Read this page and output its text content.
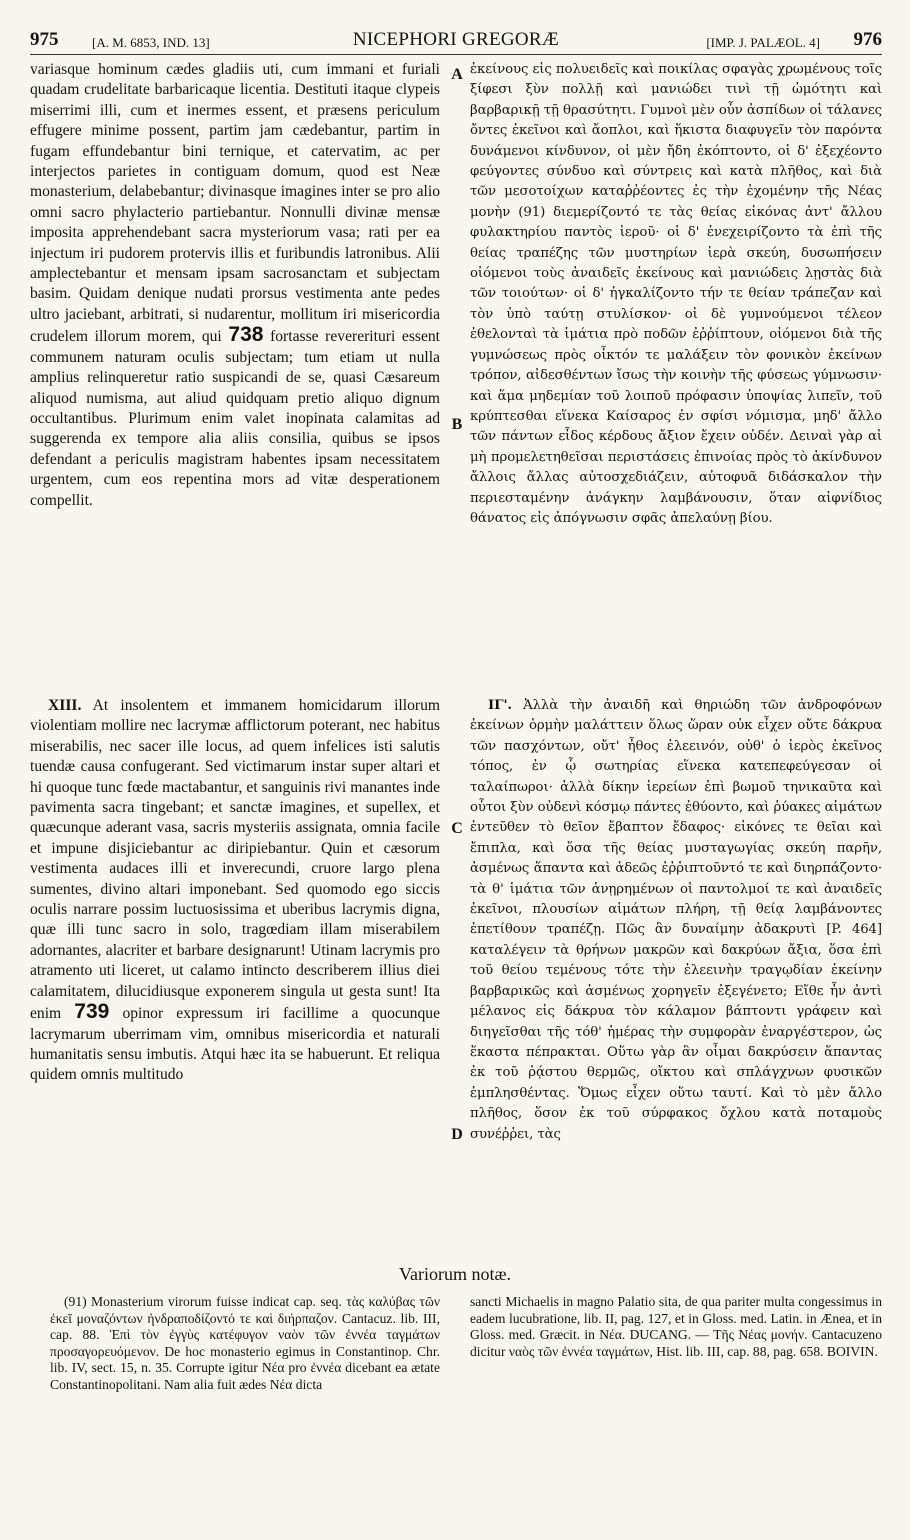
975	[A. M. 6853, IND. 13]	NICEPHORI GREGORÆ	[IMP. J. PALÆOL. 4] 976
A
B
C
D

variasque hominum cædes gladiis uti, cum immani et furiali quadam crudelitate barbaricaque licentia. Destituti itaque clypeis miserrimi illi, cum et inermes essent, et præsens periculum effugere minime possent, partim jam cædebantur, partim in fugam effundebantur bini ternique, et catervatim, ac per interjectos parietes in contiguam domum, quod est Neæ monasterium, delabebantur; divinasque imagines inter se pro alio omni sacro phylacterio partiebantur. Nonnulli divinæ mensæ imposita apprehendebant sacra mysteriorum vasa; rati per ea injectum iri pudorem protervis illis et furibundis latronibus. Alii amplectebantur et mensam ipsam sacrosanctam et subjectam basim. Quidam denique nudati prorsus vestimenta ante pedes ultro jaciebant, arbitrati, si nudarentur, mollitum iri misericordia crudelem illorum morem, qui 738 fortasse revererituri essent communem naturam oculis subjectam; tum etiam ut nulla amplius relinqueretur ratio suspicandi de se, quasi Cæsareum aliquod numisma, aut aliud quidquam pretio aliquo dignum occultantibus. Plurimum enim valet inopinata calamitas ad suggerenda ex tempore alia aliis consilia, quibus se ipsos defendant a periculis magistram habentes ipsam necessitatem urgentem, cum eos repentina mors ad vitæ desperationem compellit.

ἐκείνους εἰς πολυειδεῖς καὶ ποικίλας σφαγὰς χρωμένους τοῖς ξίφεσι ξὺν πολλῇ καὶ μανιώδει τινὶ τῇ ὠμότητι καὶ βαρβαρικῇ τῇ θρασύτητι. Γυμνοὶ μὲν οὖν ἀσπίδων οἱ τάλανες ὄντες ἐκεῖνοι καὶ ἄοπλοι, καὶ ἥκιστα διαφυγεῖν τὸν παρόντα δυνάμενοι κίνδυνον, οἱ μὲν ἤδη ἐκόπτοντο, οἱ δ' ἐξεχέοντο φεύγοντες σύνδυο καὶ σύντρεις καὶ κατὰ πλῆθος, καὶ διὰ τῶν μεσοτοίχων καταῤῥέοντες ἐς τὴν ἐχομένην τῆς Νέας μονὴν (91) διεμερίζοντό τε τὰς θείας εἰκόνας ἀντ' ἄλλου φυλακτηρίου παντὸς ἱεροῦ· οἱ δ' ἐνεχειρίζοντο τὰ ἐπὶ τῆς θείας τραπέζης τῶν μυστηρίων ἱερὰ σκεύη, δυσωπήσειν οἰόμενοι τοὺς ἀναιδεῖς ἐκείνους καὶ μανιώδεις λῃστὰς διὰ τῶν τοιούτων· οἱ δ' ἠγκαλίζοντο τήν τε θείαν τράπεζαν καὶ τὸν ὑπὸ ταύτῃ στυλίσκον· οἱ δὲ γυμνούμενοι τέλεον ἐθελονταὶ τὰ ἱμάτια πρὸ ποδῶν ἐῤῥίπτουν, οἰόμενοι διὰ τῆς γυμνώσεως πρὸς οἶκτόν τε μαλάξειν τὸν φονικὸν ἐκείνων τρόπον, αἰδεσθέντων ἴσως τὴν κοινὴν τῆς φύσεως γύμνωσιν· καὶ ἅμα μηδεμίαν τοῦ λοιποῦ πρόφασιν ὑποψίας λιπεῖν, τοῦ κρύπτεσθαι εἵνεκα Καίσαρος ἐν σφίσι νόμισμα, μηδ' ἄλλο τῶν πάντων εἶδος κέρδους ἄξιον ἔχειν οὐδέν. Δειναὶ γὰρ αἱ μὴ προμελετηθεῖσαι περιστάσεις ἐπινοίας πρὸς τὸ ἀκίνδυνον ἄλλοις ἄλλας αὐτοσχεδιάζειν, αὐτοφυᾶ διδάσκαλον τὴν περιεσταμένην ἀνάγκην λαμβάνουσιν, ὅταν αἰφνίδιος θάνατος εἰς ἀπόγνωσιν σφᾶς ἀπελαύνῃ βίου.

XIII. At insolentem et immanem homicidarum illorum violentiam mollire nec lacrymæ afflictorum poterant, nec habitus miserabilis, nec sacer ille locus, ad quem infelices isti salutis tuendæ causa confugerant. Sed victimarum instar super altari et hi quoque tunc fœde mactabantur, et sanguinis rivi manantes inde pavimenta sacra tingebant; et sanctæ imagines, et supellex, et quæcunque aderant vasa, sacris mysteriis assignata, omnia facile et impune disjiciebantur ac diripiebantur. Quin et cæsorum vestimenta audaces illi et inverecundi, cruore largo plena sumentes, divino altari imponebant. Sed quomodo ego siccis oculis narrare possim luctuosissima et uberibus lacrymis digna, quæ illi tunc sacro in solo, tragœdiam illam miserabilem adornantes, alacriter et barbare designarunt! Utinam lacrymis pro atramento uti liceret, ut calamo intincto describerem illius diei calamitatem, dilucidiusque exponerem singula ut gesta sunt! Ita enim 739 opinor expressum iri facillime a quocunque lacrymarum uberrimam vim, omnibus misericordia et naturali humanitatis sensu imbutis. Atqui hæc ita se habuerunt. Et reliqua quidem omnis multitudo

ΙΓ'. Ἀλλὰ τὴν ἀναιδῆ καὶ θηριώδη τῶν ἀνδροφόνων ἐκείνων ὁρμὴν μαλάττειν ὅλως ὥραν οὐκ εἶχεν οὔτε δάκρυα τῶν πασχόντων, οὔτ' ἦθος ἐλεεινόν, οὐθ' ὁ ἱερὸς ἐκεῖνος τόπος, ἐν ᾧ σωτηρίας εἵνεκα κατεπεφεύγεσαν οἱ ταλαίπωροι· ἀλλὰ δίκην ἱερείων ἐπὶ βωμοῦ τηνικαῦτα καὶ οὗτοι ξὺν οὐδενὶ κόσμῳ πάντες ἐθύοντο, καὶ ῥύακες αἱμάτων ἐντεῦθεν τὸ θεῖον ἔβαπτον ἔδαφος· εἰκόνες τε θεῖαι καὶ ἔπιπλα, καὶ ὅσα τῆς θείας μυσταγωγίας σκεύη παρῆν, ἀσμένως ἅπαντα καὶ ἀδεῶς ἐῤῥιπτοῦντό τε καὶ διηρπάζοντο· τὰ θ' ἱμάτια τῶν ἀνῃρημένων οἱ παντολμοί τε καὶ ἀναιδεῖς ἐκεῖνοι, πλουσίων αἱμάτων πλήρη, τῇ θείᾳ λαμβάνοντες ἐπετίθουν τραπέζῃ. Πῶς ἂν δυναίμην ἀδακρυτὶ [P. 464] καταλέγειν τὰ θρήνων μακρῶν καὶ δακρύων ἄξια, ὅσα ἐπὶ τοῦ θείου τεμένους τότε τὴν ἐλεεινὴν τραγῳδίαν ἐκείνην βαρβαρικῶς καὶ ἀσμένως χορηγεῖν ἐξεγένετο; Εἴθε ἦν ἀντὶ μέλανος εἰς δάκρυα τὸν κάλαμον βάπτοντι γράφειν καὶ διηγεῖσθαι τῆς τόθ' ἡμέρας τὴν συμφορὰν ἐναργέστερον, ὡς ἕκαστα πέπρακται. Οὕτω γὰρ ἂν οἶμαι δακρύσειν ἅπαντας ἐκ τοῦ ῥᾴστου θερμῶς, οἴκτου καὶ σπλάγχνων φυσικῶν ἐμπλησθέντας. Ὅμως εἶχεν οὕτω ταυτί. Καὶ τὸ μὲν ἄλλο πλῆθος, ὅσον ἐκ τοῦ σύρφακος ὄχλου κατὰ ποταμοὺς συνέῤῥει, τὰς

Variorum notæ.

(91) Monasterium virorum fuisse indicat cap. seq. τὰς καλύβας τῶν ἐκεῖ μοναζόντων ἠνδραποδίζοντό τε καὶ διήρπαζον. Cantacuz. lib. III, cap. 88. Ἐπὶ τὸν ἐγγὺς κατέφυγον ναὸν τῶν ἐννέα ταγμάτων προσαγορευόμενον. De hoc monasterio egimus in Constantinop. Chr. lib. IV, sect. 15, n. 35. Corrupte igitur Νέα pro ἐννέα dicebant ea ætate Constantinopolitani. Nam alia fuit ædes Νέα dicta

sancti Michaelis in magno Palatio sita, de qua pariter multa congessimus in eadem lucubratione, lib. II, pag. 127, et in Gloss. med. Latin. in Ænea, et in Gloss. med. Græcit. in Νέα. DUCANG. — Τῆς Νέας μονήν. Cantacuzeno dicitur ναὸς τῶν ἐννέα ταγμάτων, Hist. lib. III, cap. 88, pag. 658. BOIVIN.
